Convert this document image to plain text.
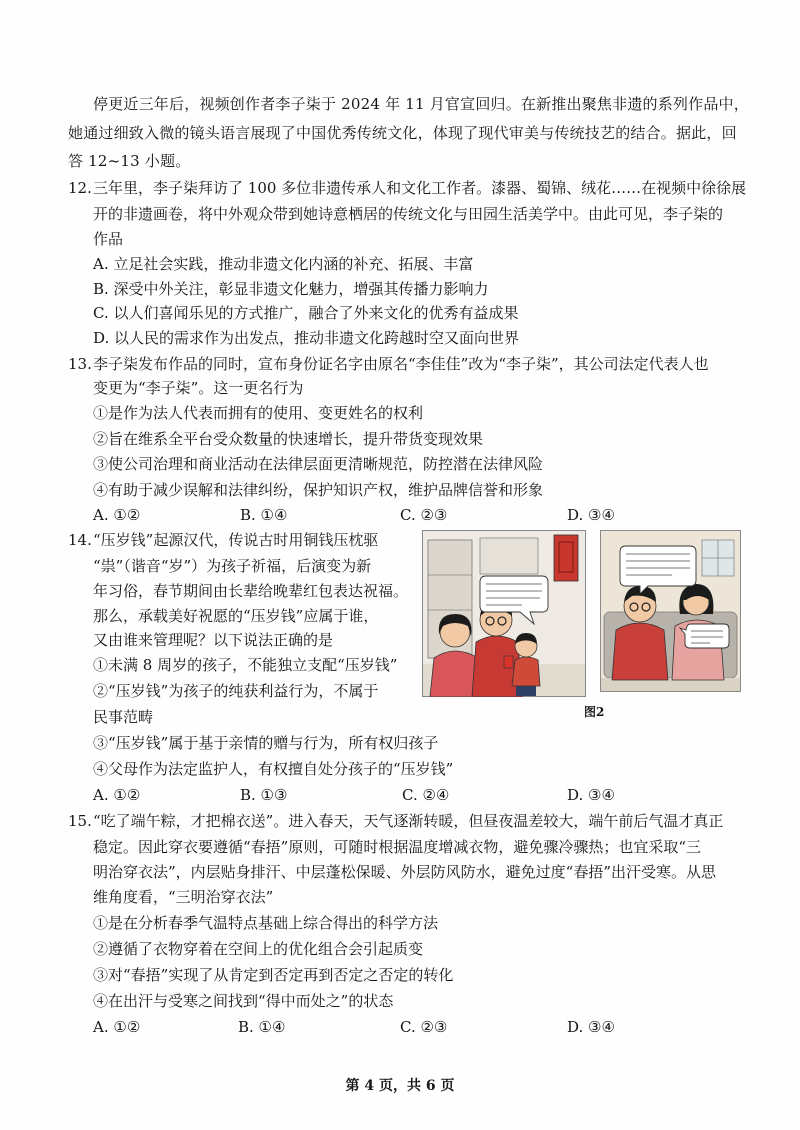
停更近三年后，视频创作者李子柒于 2024 年 11 月官宣回归。在新推出聚焦非遗的系列作品中，
她通过细致入微的镜头语言展现了中国优秀传统文化，体现了现代审美与传统技艺的结合。据此，回
答 12~13 小题。
12. 三年里，李子柒拜访了 100 多位非遗传承人和文化工作者。漆器、蜀锦、绒花……在视频中徐徐展
开的非遗画卷，将中外观众带到她诗意栖居的传统文化与田园生活美学中。由此可见，李子柒的
作品
A. 立足社会实践，推动非遗文化内涵的补充、拓展、丰富
B. 深受中外关注，彰显非遗文化魅力，增强其传播力影响力
C. 以人们喜闻乐见的方式推广，融合了外来文化的优秀有益成果
D. 以人民的需求作为出发点，推动非遗文化跨越时空又面向世界
13. 李子柒发布作品的同时，宣布身份证名字由原名“李佳佳”改为“李子柒”，其公司法定代表人也
变更为“李子柒”。这一更名行为
①是作为法人代表而拥有的使用、变更姓名的权利
②旨在维系全平台受众数量的快速增长，提升带货变现效果
③使公司治理和商业活动在法律层面更清晰规范，防控潜在法律风险
④有助于减少误解和法律纠纷，保护知识产权，维护品牌信誉和形象
A. ①②	B. ①④	C. ②③	D. ③④
14. “压岁钱”起源汉代，传说古时用铜钱压枕驱
“祟”（谐音“岁”）为孩子祈福，后演变为新
年习俗，春节期间由长辈给晚辈红包表达祝福。
那么，承载美好祝愿的“压岁钱”应属于谁，
又由谁来管理呢？以下说法正确的是
①未满 8 周岁的孩子，不能独立支配“压岁钱”
②“压岁钱”为孩子的纯获利益行为，不属于
民事范畴
③“压岁钱”属于基于亲情的赠与行为，所有权归孩子
④父母作为法定监护人，有权擅自处分孩子的“压岁钱”
A. ①②	B. ①③	C. ②④	D. ③④
图2
15. “吃了端午粽，才把棉衣送”。进入春天，天气逐渐转暖，但昼夜温差较大，端午前后气温才真正
稳定。因此穿衣要遵循“春捂”原则，可随时根据温度增减衣物，避免骤冷骤热；也宜采取“三
明治穿衣法”，内层贴身排汗、中层蓬松保暖、外层防风防水，避免过度“春捂”出汗受寒。从思
维角度看，“三明治穿衣法”
①是在分析春季气温特点基础上综合得出的科学方法
②遵循了衣物穿着在空间上的优化组合会引起质变
③对“春捂”实现了从肯定到否定再到否定之否定的转化
④在出汗与受寒之间找到“得中而处之”的状态
A. ①②	B. ①④	C. ②③	D. ③④
第 4 页，共 6 页
